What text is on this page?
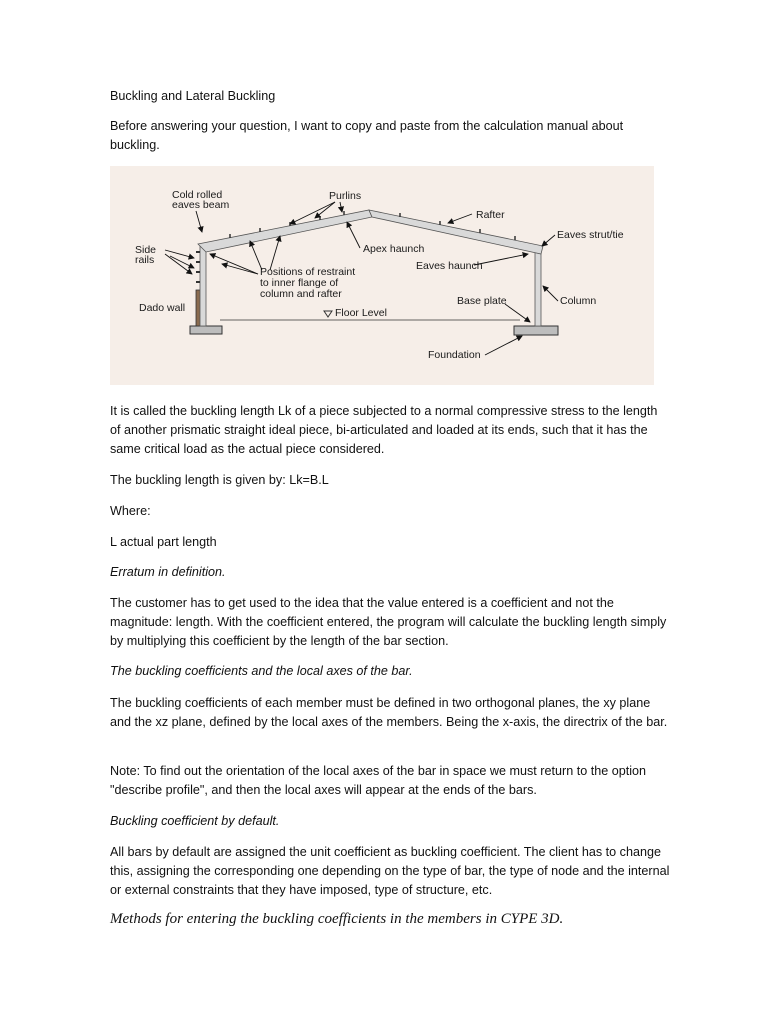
Buckling and Lateral Buckling

Before answering your question, I want to copy and paste from the calculation manual about buckling.

Cold rolled
eaves beam
Purlins
Rafter
Eaves strut/tie
Side
rails
Apex haunch
Eaves haunch
Positions of restraint
to inner flange of
column and rafter
Dado wall	Floor Level
Base plate	Column
Foundation

It is called the buckling length Lk of a piece subjected to a normal compressive stress to the length of another prismatic straight ideal piece, bi-articulated and loaded at its ends, such that it has the same critical load as the actual piece considered.

The buckling length is given by: Lk=B.L

Where:

L actual part length

Erratum in definition.

The customer has to get used to the idea that the value entered is a coefficient and not the magnitude: length. With the coefficient entered, the program will calculate the buckling length simply by multiplying this coefficient by the length of the bar section.

The buckling coefficients and the local axes of the bar.

The buckling coefficients of each member must be defined in two orthogonal planes, the xy plane and the xz plane, defined by the local axes of the members. Being the x-axis, the directrix of the bar.

Note: To find out the orientation of the local axes of the bar in space we must return to the option "describe profile", and then the local axes will appear at the ends of the bars.

Buckling coefficient by default.

All bars by default are assigned the unit coefficient as buckling coefficient. The client has to change this, assigning the corresponding one depending on the type of bar, the type of node and the internal or external constraints that they have imposed, type of structure, etc.

Methods for entering the buckling coefficients in the members in CYPE 3D.
